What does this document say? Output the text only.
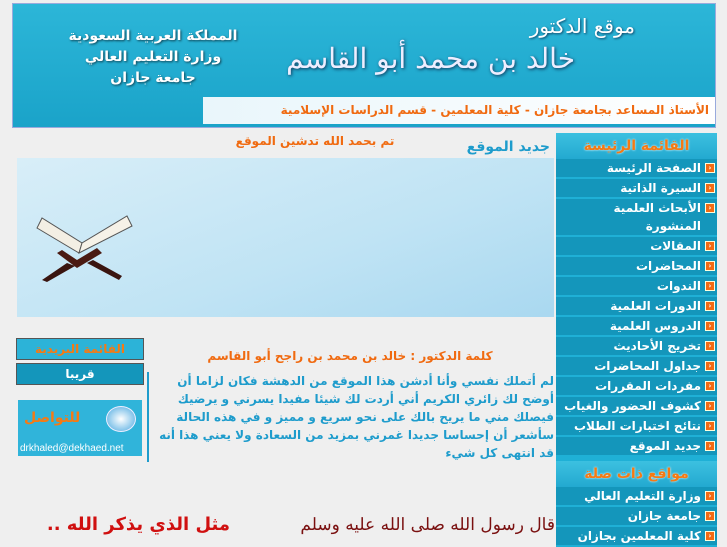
المملكة العربية السعودية
وزارة التعليم العالي
جامعة جازان
موقع الدكتور
خالد بن محمد أبو القاسم
الأستاذ المساعد بجامعة جازان - كلية المعلمين - قسم الدراسات الإسلامية
القائمة الرئيسة
‹
الصفحة الرئيسة
‹
السيرة الذاتية
‹
الأبحاث العلمية المنشورة
‹
المقالات
‹
المحاضرات
‹
الندوات
‹
الدورات العلمية
‹
الدروس العلمية
‹
تخريج الأحاديث
‹
جداول المحاضرات
‹
مفردات المقررات
‹
كشوف الحضور والغياب
‹
نتائج اختبارات الطلاب
‹
جديد الموقع
مواقع ذات صلة
‹
وزارة التعليم العالي
‹
جامعة جازان
‹
كلية المعلمين بجازان
تم بحمد الله تدشين الموقع	جديد الموقع
القائمة البريدية
قريبا
للتواصل
drkhaled@dekhaed.net
كلمة الدكتور : خالد بن محمد بن راجح أبو القاسم
لم أتملك نفسي وأنا أدشن هذا الموقع من الدهشة فكان لزاما أن أوضح لك زائري الكريم أني أردت لك شيئا مفيدا يسرني و يرضيك فيصلك مني ما يريح بالك على نحو سريع و مميز و في هذه الحالة سأشعر أن إحساسا جديدا غمرني بمزيد من السعادة ولا يعني هذا أنه قد انتهى كل شيء
قال رسول الله صلى الله عليه وسلم
مثل الذي يذكر الله ..
